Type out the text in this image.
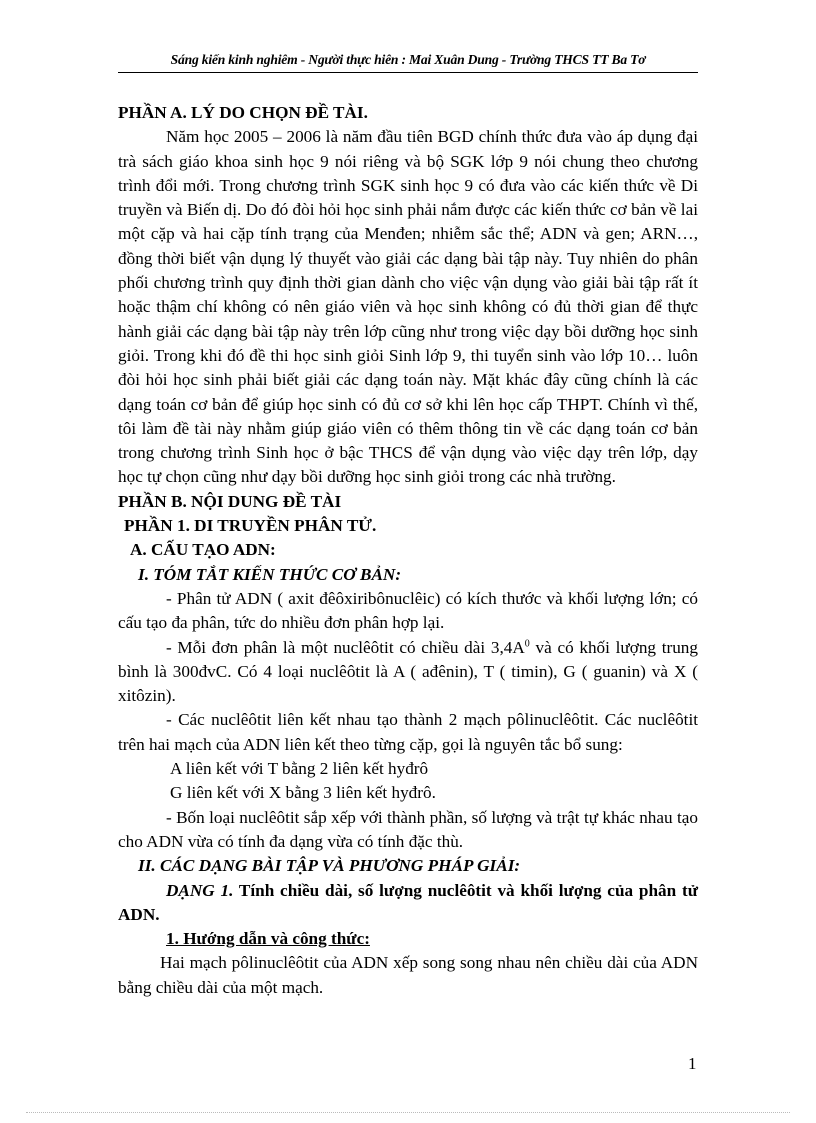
Sáng kiến kinh nghiêm - Người thực hiên : Mai Xuân Dung - Trường THCS TT Ba Tơ

PHẦN A. LÝ DO CHỌN ĐỀ TÀI.

Năm học 2005 – 2006 là năm đầu tiên BGD chính thức đưa vào áp dụng đại trà sách giáo khoa sinh học 9 nói riêng và bộ SGK lớp 9 nói chung theo chương trình đổi mới. Trong chương trình SGK sinh học 9 có đưa vào các kiến thức về Di truyền và Biến dị. Do đó đòi hỏi học sinh phải nắm được các kiến thức cơ bản về lai một cặp và hai cặp tính trạng của Menđen; nhiễm sắc thể; ADN và gen; ARN…, đồng thời biết vận dụng lý thuyết vào giải các dạng bài tập này. Tuy nhiên do phân phối chương trình quy định thời gian dành cho việc vận dụng vào giải bài tập rất ít hoặc thậm chí không có nên giáo viên và học sinh không có đủ thời gian để thực hành giải các dạng bài tập này trên lớp cũng như trong việc dạy bồi dưỡng học sinh giỏi. Trong khi đó đề thi học sinh giỏi Sinh lớp 9, thi tuyển sinh vào lớp 10… luôn đòi hỏi học sinh phải biết giải các dạng toán này. Mặt khác đây cũng chính là các dạng toán cơ bản để giúp học sinh có đủ cơ sở khi lên học cấp THPT. Chính vì thế, tôi làm đề tài này nhằm giúp giáo viên có thêm thông tin về các dạng toán cơ bản trong chương trình Sinh học ở bậc THCS để vận dụng vào việc dạy trên lớp, dạy học tự chọn cũng như dạy bồi dưỡng học sinh giỏi trong các nhà trường.

PHẦN B. NỘI DUNG ĐỀ TÀI

PHẦN 1. DI TRUYỀN PHÂN TỬ.

A. CẤU TẠO ADN:

I. TÓM TẮT KIẾN THỨC CƠ BẢN:

- Phân tử ADN ( axit đêôxiribônuclêic) có kích thước và khối lượng lớn; có cấu tạo đa phân, tức do nhiều đơn phân hợp lại.

- Mỗi đơn phân là một nuclêôtit có chiều dài $3,4A^0$ và có khối lượng trung bình là 300đvC. Có 4 loại nuclêôtit là A ( ađênin), T ( timin), G ( guanin) và X ( xitôzin).

- Các nuclêôtit liên kết nhau tạo thành 2 mạch pôlinuclêôtit. Các nuclêôtit trên hai mạch của ADN liên kết theo từng cặp, gọi là nguyên tắc bổ sung:

A liên kết với T bằng 2 liên kết hyđrô

G liên kết với X bằng 3 liên kết hyđrô.

- Bốn loại nuclêôtit sắp xếp với thành phần, số lượng và trật tự khác nhau tạo cho ADN vừa có tính đa dạng vừa có tính đặc thù.

II. CÁC DẠNG BÀI TẬP VÀ PHƯƠNG PHÁP GIẢI:

DẠNG 1. Tính chiều dài, số lượng nuclêôtit và khối lượng của phân tử ADN.

1. Hướng dẫn và công thức:

Hai mạch pôlinuclêôtit của ADN xếp song song nhau nên chiều dài của ADN bằng chiều dài của một mạch.

1
